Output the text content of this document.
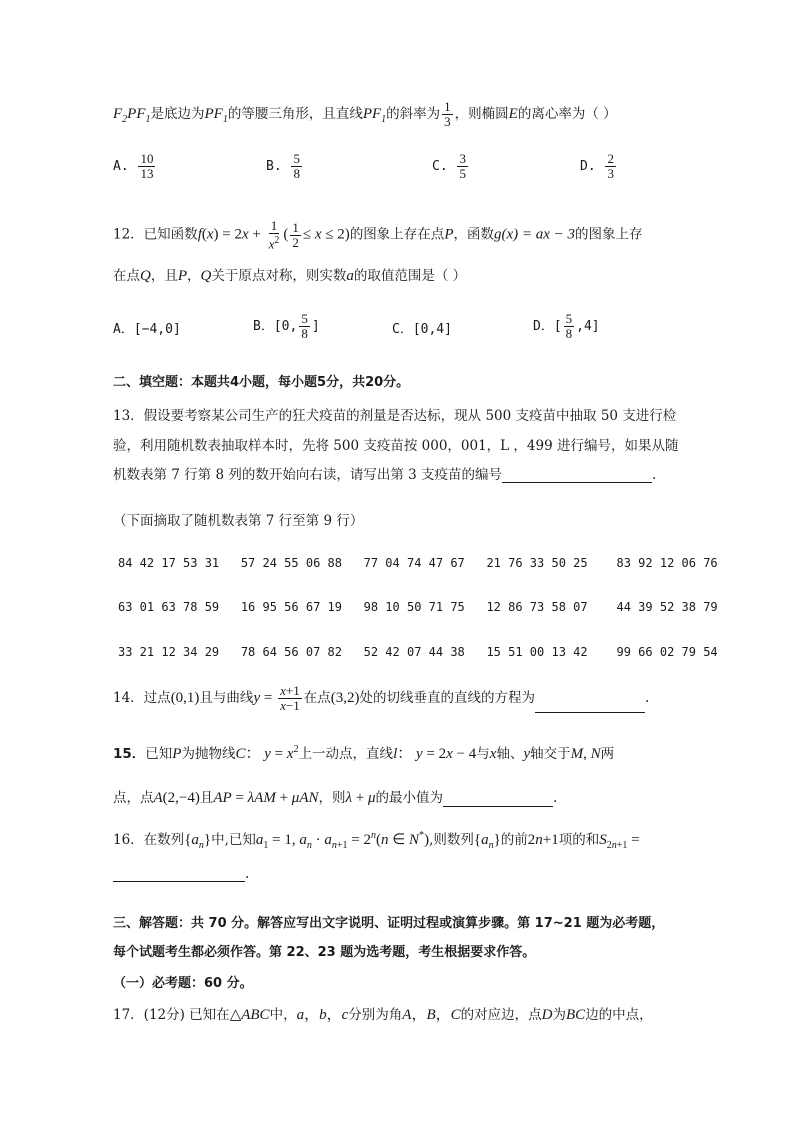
$F_2PF_1$是底边为$PF_1$的等腰三角形，且直线$PF_1$的斜率为 $\frac{1}{3}$ ，则椭圆E的离心率为（ ）
A. $\frac{10}{13}$	B. $\frac{5}{8}$	C. $\frac{3}{5}$	D. $\frac{2}{3}$
12．已知函数$f(x) = 2x + \frac{1}{x^2}$ ( $\frac{1}{2} \le x \le 2$)的图象上存在点P，函数g(x) = ax − 3的图象上存
在点Q，且P，Q关于原点对称，则实数a的取值范围是（ ）
A．[−4,0]	B．[0, $\frac{5}{8}$ ]	C．[0,4]	D．[ $\frac{5}{8} ,4$]
二、填空题：本题共4小题，每小题5分，共20分。
13．假设要考察某公司生产的狂犬疫苗的剂量是否达标，现从 500 支疫苗中抽取 50 支进行检
验，利用随机数表抽取样本时，先将 500 支疫苗按 000，001，L ，499 进行编号，如果从随
机数表第 7 行第 8 列的数开始向右读，请写出第 3 支疫苗的编号	.
（下面摘取了随机数表第 7 行至第 9 行）
84 42 17 53 31   57 24 55 06 88   77 04 74 47 67   21 76 33 50 25    83 92 12 06 76
63 01 63 78 59   16 95 56 67 19   98 10 50 71 75   12 86 73 58 07    44 39 52 38 79
33 21 12 34 29   78 64 56 07 82   52 42 07 44 38   15 51 00 13 42    99 66 02 79 54
14．过点(0,1)且与曲线$y = \frac{x+1}{x-1}$ 在点(3,2)处的切线垂直的直线的方程为	.
15．已知P为抛物线C： $y = x^2$上一动点，直线l： y = 2x − 4与x轴、y轴交于M, N两
点，点A(2,−4)且AP = λAM + μAN，则λ + μ的最小值为	.
16．在数列$\{a_n\}$中,已知$a_1 = 1$, $a_n \cdot a_{n+1} = 2^n(n$ ∈ N*),则数列$\{a_n\}$的前2n+1项的和$S_{2n+1}$ =
.
三、解答题：共 70 分。解答应写出文字说明、证明过程或演算步骤。第 17~21 题为必考题，
每个试题考生都必须作答。第 22、23 题为选考题，考生根据要求作答。
（一）必考题：60 分。
17．(12分) 已知在△ABC中，a，b，c分别为角A，B，C的对应边，点D为BC边的中点，
